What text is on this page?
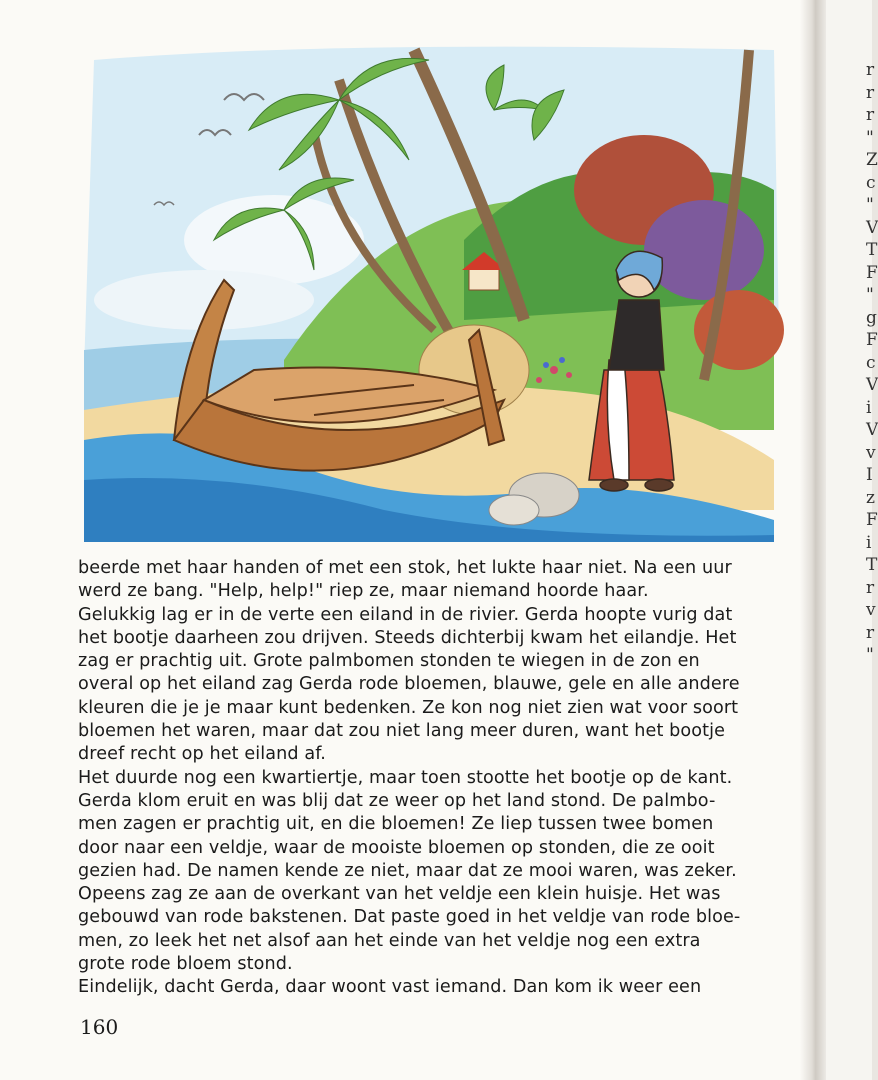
beerde met haar handen of met een stok, het lukte haar niet. Na een uur
werd ze bang. "Help, help!" riep ze, maar niemand hoorde haar.
Gelukkig lag er in de verte een eiland in de rivier. Gerda hoopte vurig dat
het bootje daarheen zou drijven. Steeds dichterbij kwam het eilandje. Het
zag er prachtig uit. Grote palmbomen stonden te wiegen in de zon en
overal op het eiland zag Gerda rode bloemen, blauwe, gele en alle andere
kleuren die je je maar kunt bedenken. Ze kon nog niet zien wat voor soort
bloemen het waren, maar dat zou niet lang meer duren, want het bootje
dreef recht op het eiland af.
Het duurde nog een kwartiertje, maar toen stootte het bootje op de kant.
Gerda klom eruit en was blij dat ze weer op het land stond. De palmbo-
men zagen er prachtig uit, en die bloemen! Ze liep tussen twee bomen
door naar een veldje, waar de mooiste bloemen op stonden, die ze ooit
gezien had. De namen kende ze niet, maar dat ze mooi waren, was zeker.
Opeens zag ze aan de overkant van het veldje een klein huisje. Het was
gebouwd van rode bakstenen. Dat paste goed in het veldje van rode bloe-
men, zo leek het net alsof aan het einde van het veldje nog een extra
grote rode bloem stond.
Eindelijk, dacht Gerda, daar woont vast iemand. Dan kom ik weer een
160
r
r
r
"
Z
c
"
V
T
F
"
g
F
c
V
i
V
v
I
z
F
i
T
r
v
r
"
